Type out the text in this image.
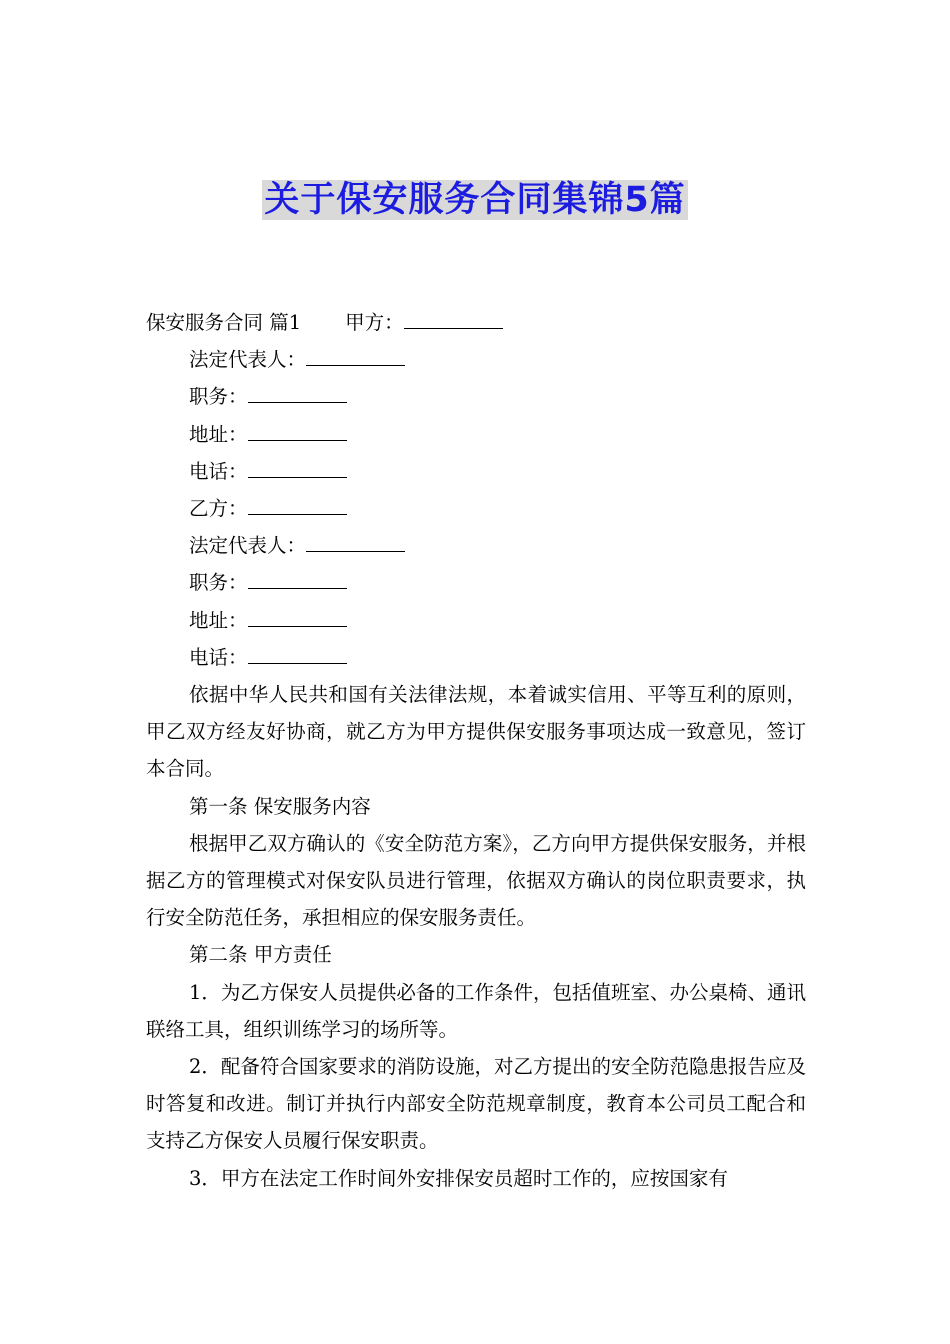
关于保安服务合同集锦5篇

保安服务合同 篇1 甲方：

法定代表人：

职务：

地址：

电话：

乙方：

法定代表人：

职务：

地址：

电话：

依据中华人民共和国有关法律法规，本着诚实信用、平等互利的原则，甲乙双方经友好协商，就乙方为甲方提供保安服务事项达成一致意见，签订本合同。

第一条 保安服务内容

根据甲乙双方确认的《安全防范方案》，乙方向甲方提供保安服务，并根据乙方的管理模式对保安队员进行管理，依据双方确认的岗位职责要求，执行安全防范任务，承担相应的保安服务责任。

第二条 甲方责任

1．为乙方保安人员提供必备的工作条件，包括值班室、办公桌椅、通讯联络工具，组织训练学习的场所等。

2．配备符合国家要求的消防设施，对乙方提出的安全防范隐患报告应及时答复和改进。制订并执行内部安全防范规章制度，教育本公司员工配合和支持乙方保安人员履行保安职责。

3．甲方在法定工作时间外安排保安员超时工作的，应按国家有
